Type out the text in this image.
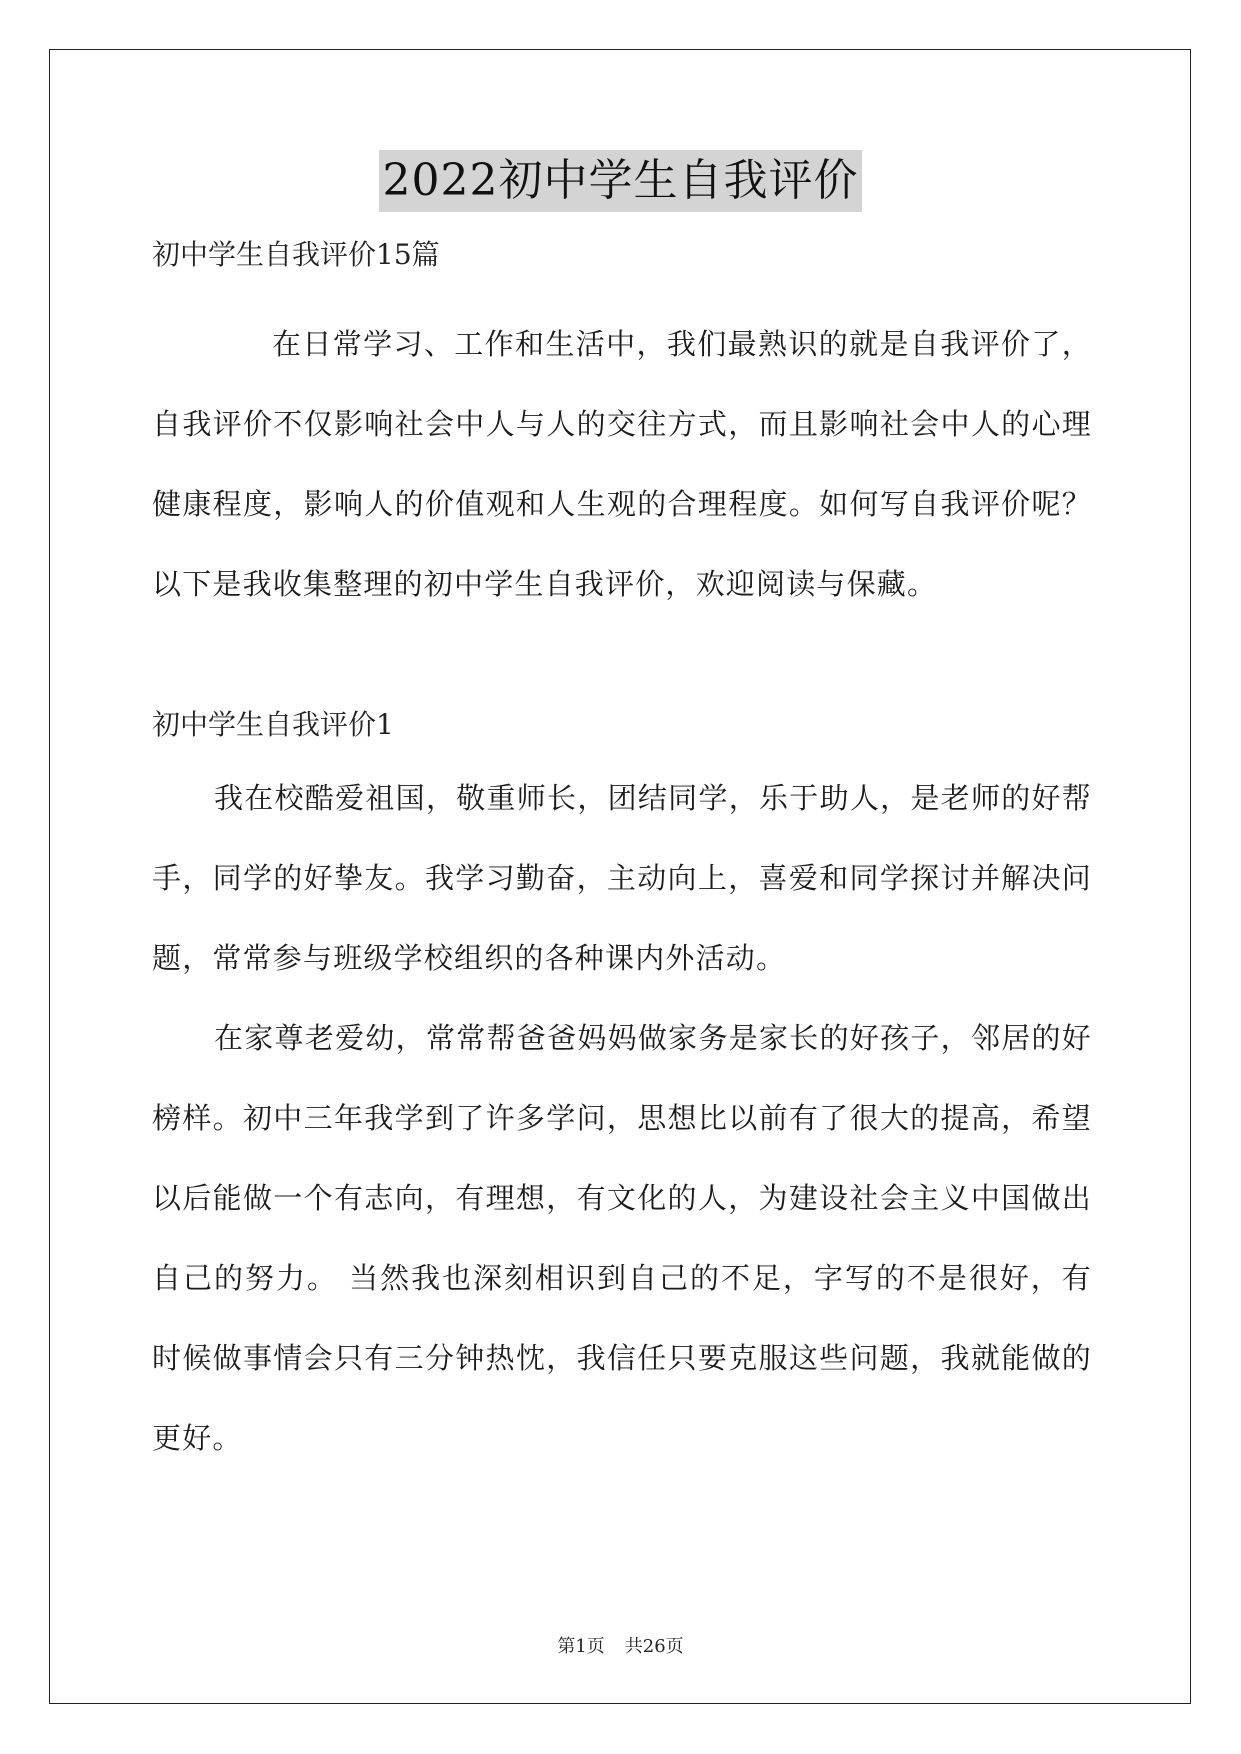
2022初中学生自我评价

初中学生自我评价15篇

在日常学习、工作和生活中，我们最熟识的就是自我评价了，自我评价不仅影响社会中人与人的交往方式，而且影响社会中人的心理健康程度，影响人的价值观和人生观的合理程度。如何写自我评价呢？以下是我收集整理的初中学生自我评价，欢迎阅读与保藏。

初中学生自我评价1

我在校酷爱祖国，敬重师长，团结同学，乐于助人，是老师的好帮手，同学的好挚友。我学习勤奋，主动向上，喜爱和同学探讨并解决问题，常常参与班级学校组织的各种课内外活动。

在家尊老爱幼，常常帮爸爸妈妈做家务是家长的好孩子，邻居的好榜样。初中三年我学到了许多学问，思想比以前有了很大的提高，希望以后能做一个有志向，有理想，有文化的人，为建设社会主义中国做出自己的努力。 当然我也深刻相识到自己的不足，字写的不是很好，有时候做事情会只有三分钟热忱，我信任只要克服这些问题，我就能做的更好。

第1页 共26页
